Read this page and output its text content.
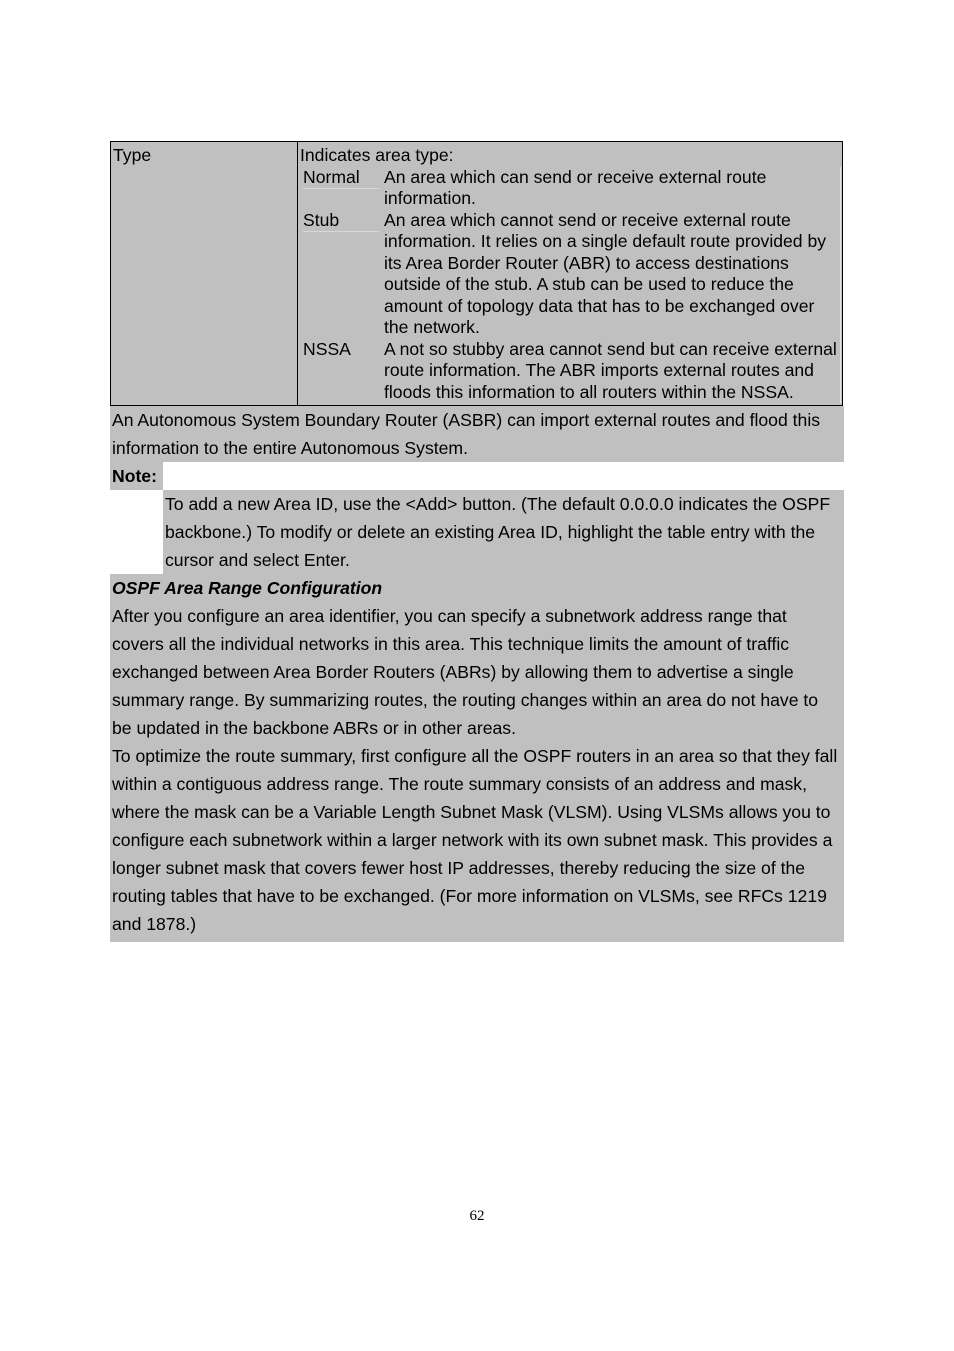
Type	Indicates area type:
Normal	An area which can send or receive external route information.
Stub	An area which cannot send or receive external route information. It relies on a single default route provided by its Area Border Router (ABR) to access destinations outside of the stub. A stub can be used to reduce the amount of topology data that has to be exchanged over the network.
NSSA	A not so stubby area cannot send but can receive external route information. The ABR imports external routes and floods this information to all routers within the NSSA.
An Autonomous System Boundary Router (ASBR) can import external routes and flood this information to the entire Autonomous System.
Note:
To add a new Area ID, use the <Add> button. (The default 0.0.0.0 indicates the OSPF backbone.) To modify or delete an existing Area ID, highlight the table entry with the cursor and select Enter.
OSPF Area Range Configuration
After you configure an area identifier, you can specify a subnetwork address range that covers all the individual networks in this area. This technique limits the amount of traffic exchanged between Area Border Routers (ABRs) by allowing them to advertise a single summary range. By summarizing routes, the routing changes within an area do not have to be updated in the backbone ABRs or in other areas.
To optimize the route summary, first configure all the OSPF routers in an area so that they fall within a contiguous address range. The route summary consists of an address and mask, where the mask can be a Variable Length Subnet Mask (VLSM). Using VLSMs allows you to configure each subnetwork within a larger network with its own subnet mask. This provides a longer subnet mask that covers fewer host IP addresses, thereby reducing the size of the routing tables that have to be exchanged. (For more information on VLSMs, see RFCs 1219 and 1878.)
62
